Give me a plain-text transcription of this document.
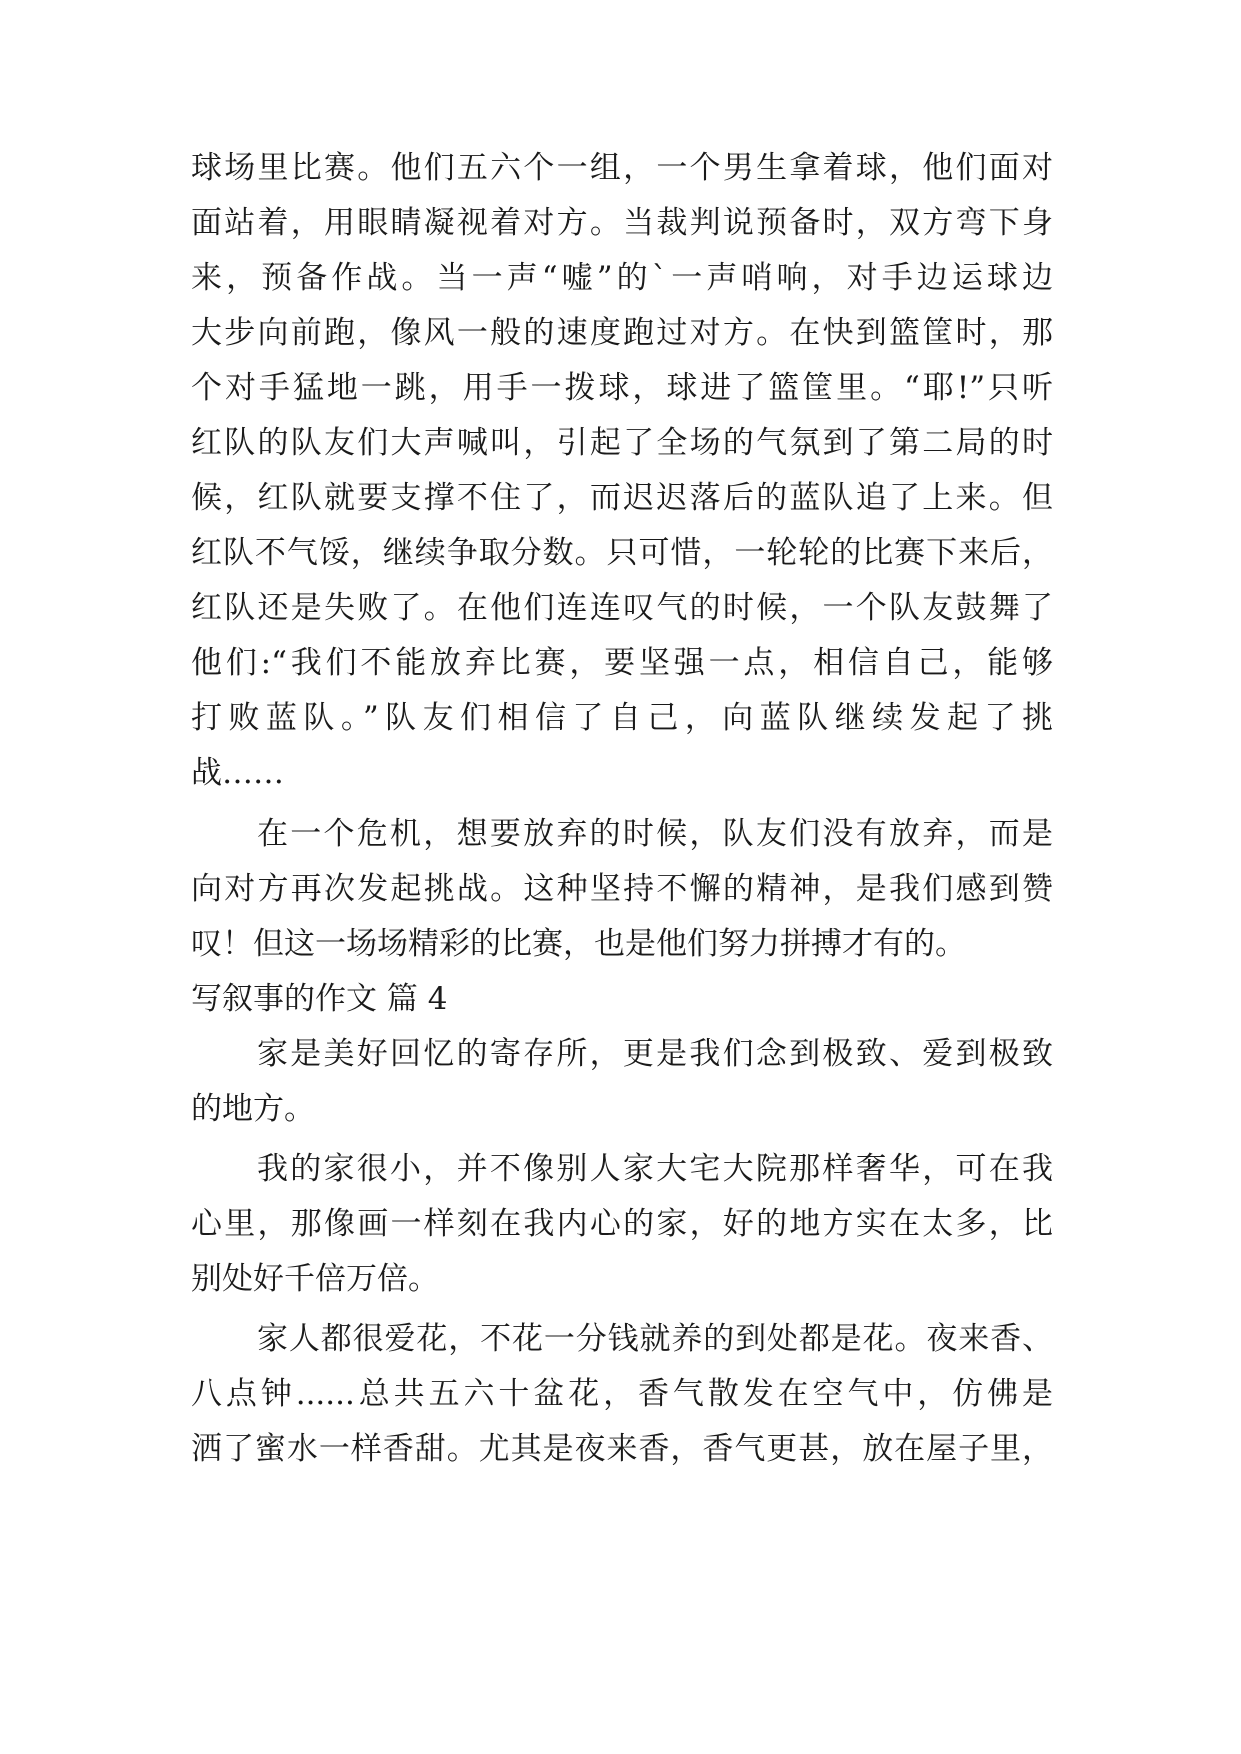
球场里比赛。他们五六个一组，一个男生拿着球，他们面对
面站着，用眼睛凝视着对方。当裁判说预备时，双方弯下身
来，预备作战。当一声“嘘”的`一声哨响，对手边运球边
大步向前跑，像风一般的速度跑过对方。在快到篮筐时，那
个对手猛地一跳，用手一拨球，球进了篮筐里。“耶!”只听
红队的队友们大声喊叫，引起了全场的气氛到了第二局的时
候，红队就要支撑不住了，而迟迟落后的蓝队追了上来。但
红队不气馁，继续争取分数。只可惜，一轮轮的比赛下来后，
红队还是失败了。在他们连连叹气的时候，一个队友鼓舞了
他们:“我们不能放弃比赛，要坚强一点，相信自己，能够
打败蓝队。”队友们相信了自己，向蓝队继续发起了挑
战……
在一个危机，想要放弃的时候，队友们没有放弃，而是
向对方再次发起挑战。这种坚持不懈的精神，是我们感到赞
叹！但这一场场精彩的比赛，也是他们努力拼搏才有的。
写叙事的作文 篇 4
家是美好回忆的寄存所，更是我们念到极致、爱到极致
的地方。
我的家很小，并不像别人家大宅大院那样奢华，可在我
心里，那像画一样刻在我内心的家，好的地方实在太多，比
别处好千倍万倍。
家人都很爱花，不花一分钱就养的到处都是花。夜来香、
八点钟......总共五六十盆花，香气散发在空气中，仿佛是
洒了蜜水一样香甜。尤其是夜来香，香气更甚，放在屋子里，
